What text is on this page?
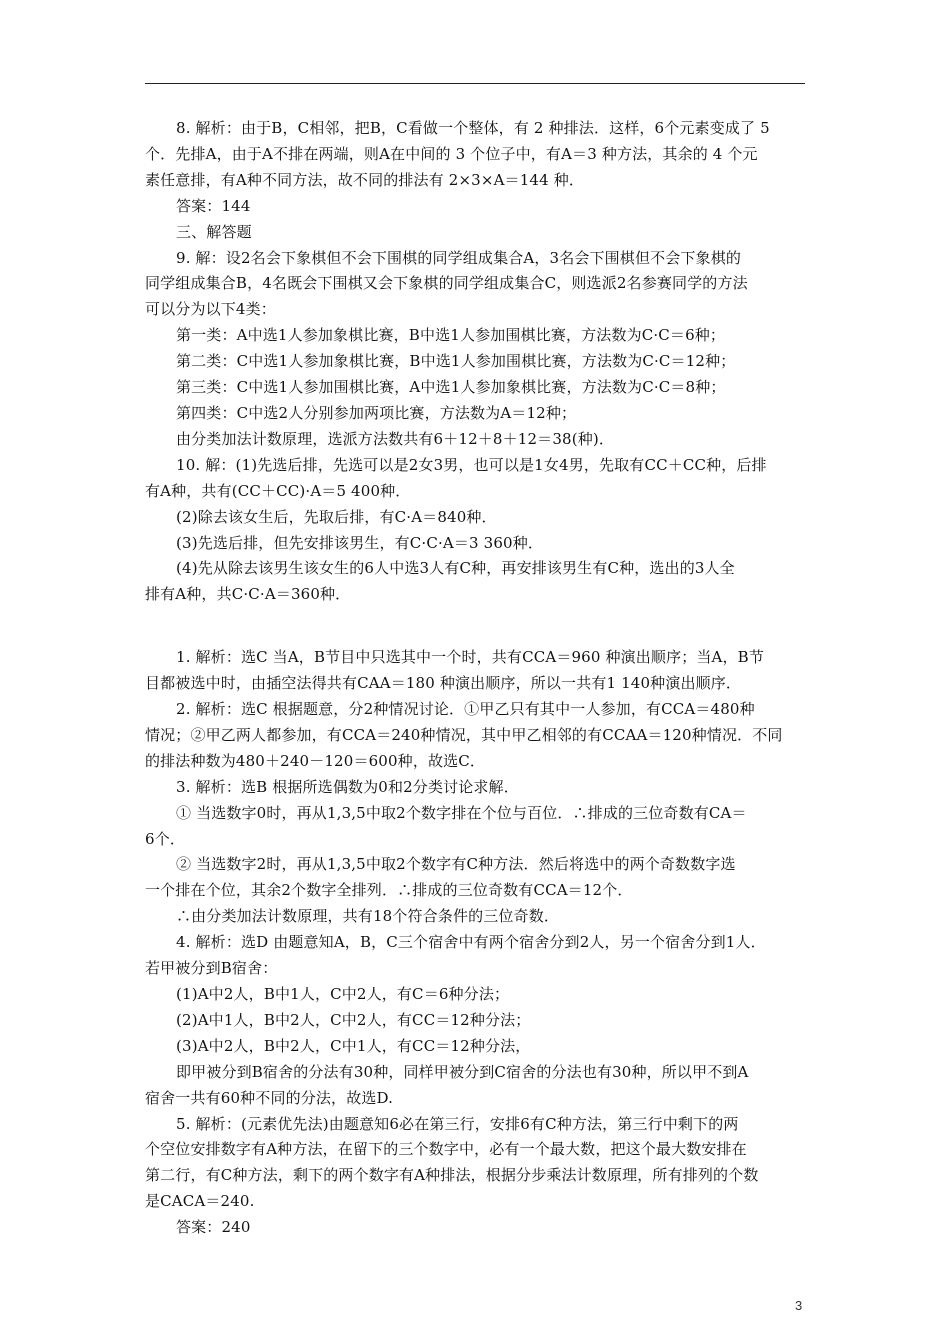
8. 解析：由于B，C相邻，把B，C看做一个整体，有 2 种排法．这样，6个元素变成了 5

个．先排A，由于A不排在两端，则A在中间的 3 个位子中，有A＝3 种方法，其余的 4 个元

素任意排，有A种不同方法，故不同的排法有 2×3×A＝144 种．

答案：144

三、解答题

9. 解：设2名会下象棋但不会下围棋的同学组成集合A，3名会下围棋但不会下象棋的

同学组成集合B，4名既会下围棋又会下象棋的同学组成集合C，则选派2名参赛同学的方法

可以分为以下4类：

第一类：A中选1人参加象棋比赛，B中选1人参加围棋比赛，方法数为C·C＝6种；

第二类：C中选1人参加象棋比赛，B中选1人参加围棋比赛，方法数为C·C＝12种；

第三类：C中选1人参加围棋比赛，A中选1人参加象棋比赛，方法数为C·C＝8种；

第四类：C中选2人分别参加两项比赛，方法数为A＝12种；

由分类加法计数原理，选派方法数共有6＋12＋8＋12＝38(种)．

10. 解：(1)先选后排，先选可以是2女3男，也可以是1女4男，先取有CC＋CC种，后排

有A种，共有(CC＋CC)·A＝5 400种．

(2)除去该女生后，先取后排，有C·A＝840种．

(3)先选后排，但先安排该男生，有C·C·A＝3 360种．

(4)先从除去该男生该女生的6人中选3人有C种，再安排该男生有C种，选出的3人全

排有A种，共C·C·A＝360种．

1. 解析：选C 当A，B节目中只选其中一个时，共有CCA＝960 种演出顺序；当A，B节

目都被选中时，由插空法得共有CAA＝180 种演出顺序，所以一共有1 140种演出顺序．

2. 解析：选C 根据题意，分2种情况讨论．①甲乙只有其中一人参加，有CCA＝480种

情况；②甲乙两人都参加，有CCA＝240种情况，其中甲乙相邻的有CCAA＝120种情况．不同

的排法种数为480＋240－120＝600种，故选C．

3. 解析：选B 根据所选偶数为0和2分类讨论求解．

① 当选数字0时，再从1,3,5中取2个数字排在个位与百位．∴排成的三位奇数有CA＝

6个．

② 当选数字2时，再从1,3,5中取2个数字有C种方法．然后将选中的两个奇数数字选

一个排在个位，其余2个数字全排列．∴排成的三位奇数有CCA＝12个．

∴由分类加法计数原理，共有18个符合条件的三位奇数．

4. 解析：选D 由题意知A，B，C三个宿舍中有两个宿舍分到2人，另一个宿舍分到1人．

若甲被分到B宿舍：

(1)A中2人，B中1人，C中2人，有C＝6种分法；

(2)A中1人，B中2人，C中2人，有CC＝12种分法；

(3)A中2人，B中2人，C中1人，有CC＝12种分法，

即甲被分到B宿舍的分法有30种，同样甲被分到C宿舍的分法也有30种，所以甲不到A

宿舍一共有60种不同的分法，故选D.

5. 解析：(元素优先法)由题意知6必在第三行，安排6有C种方法，第三行中剩下的两

个空位安排数字有A种方法，在留下的三个数字中，必有一个最大数，把这个最大数安排在

第二行，有C种方法，剩下的两个数字有A种排法，根据分步乘法计数原理，所有排列的个数

是CACA＝240.

答案：240

3
